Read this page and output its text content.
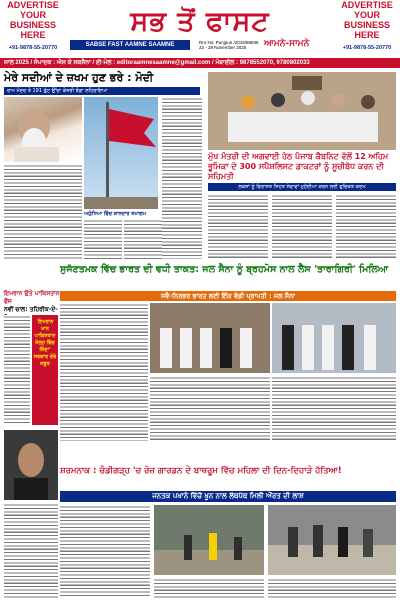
ADVERTISE
YOUR
BUSINESS
HERE
+91-9878-55-20770
ਸਭ ਤੋਂ ਫਾਸਟ
SABSE FAST AAMNE SAAMNE	Rnr No: Punjpun /2015/88836
22 - 28 November 2025	ਆਮਨੇ-ਸਾਮਨੇ
ADVERTISE
YOUR
BUSINESS
HERE
+91-9878-55-20770
ਸਾਲ 2025 / ਸੰਪਾਦਕ : ਐਸ ਕੇ ਸਕਸੈਨਾ / ਈ-ਮੇਲ : editoraamnesaamne@gmail.com / ਮੋਬਾਈਲ : 9878552070, 9780802033
ਮੇਰੇ ਸਦੀਆਂ ਦੇ ਜ਼ਖਮ ਹੁਣ ਭਰੇ : ਮੋਦੀ
ਰਾਮ ਮੰਦਰ ਤੇ 191 ਫੁੱਟ ਉੱਚਾ ਕੇਸਰੀ ਝੰਡਾ ਲਹਿਰਾਇਆ
ਅਯੁੱਧਿਆ ਵਿੱਚ ਸ਼ਾਨਦਾਰ ਸਮਾਗਮ
ਮੁੱਖ ਮੰਤਰੀ ਦੀ ਅਗਵਾਈ ਹੇਠ ਪੰਜਾਬ ਕੈਬਨਿਟ ਵੱਲੋਂ 12 ਅਹਿਮ ਭੂਮਿਕਾ ਦੇ 300 ਸਪੈਸ਼ਲਿਸਟ ਡਾਕਟਰਾਂ ਨੂੰ ਸੂਚੀਬੱਧ ਕਰਨ ਦੀ ਸਹਿਮਤੀ
ਲਕਸ਼ਾਂ ਨੂੰ ਵਿਰਾਸਤ ਸਿਹਤ ਸੇਵਾਵਾਂ ਮੁਹੱਈਆ ਕਰਨ ਲਈ ਵੁਚਿਕਤ ਕਦਮ
ਸੁਜੱਣਤਮਕ ਵਿੱਚ ਭਾਰਤ ਦੀ ਵਧੀ ਤਾਕਤ: ਜਲ ਸੈਨਾ ਨੂੰ ਬ੍ਰਹਮੋਸ ਨਾਲ ਲੈਸ 'ਤਾਰਾਗਿਰੀ' ਮਿਲਿਆ
ਸਵੈ-ਨਿਰਭਰ ਭਾਰਤ ਲਈ ਇੱਕ ਵੱਡੀ ਪ੍ਰਾਪਤੀ : ਜਲ ਸੈਨਾ
ਇਮਰਾਨ ਉਤੇ ਪਾਕਿਸਤਾਨ ਫੌਜ
ਨਵੀਂ ਚਾਲ: ਤਹਿਰੀਕ-ਏ-
'ਇਮਰਾਨ ਖਾਨ ਪਾਕਿਸਤਾਨ ਜੇਲ੍ਹ ਵਿੱਚ ਜਿੰਦਾ' ਸਰਕਾਰ ਦੇਵੇ ਸਬੂਤ
ਸ਼ਰਮਨਾਕ : ਚੰਡੀਗੜ੍ਹ 'ਚ ਰੋਜ਼ ਗਾਰਡਨ ਦੇ ਬਾਥਰੂਮ ਵਿੱਚ ਮਹਿਲਾ ਦੀ ਦਿਨ-ਦਿਹਾੜੇ ਹੱਤਿਆ!
ਜਨਤਕ ਪਖਾਨੇ ਵਿੱਚੋਂ ਖੂਨ ਨਾਲ ਲੱਥਪੱਥ ਮਿਲੀ ਔਰਤ ਦੀ ਲਾਸ਼
